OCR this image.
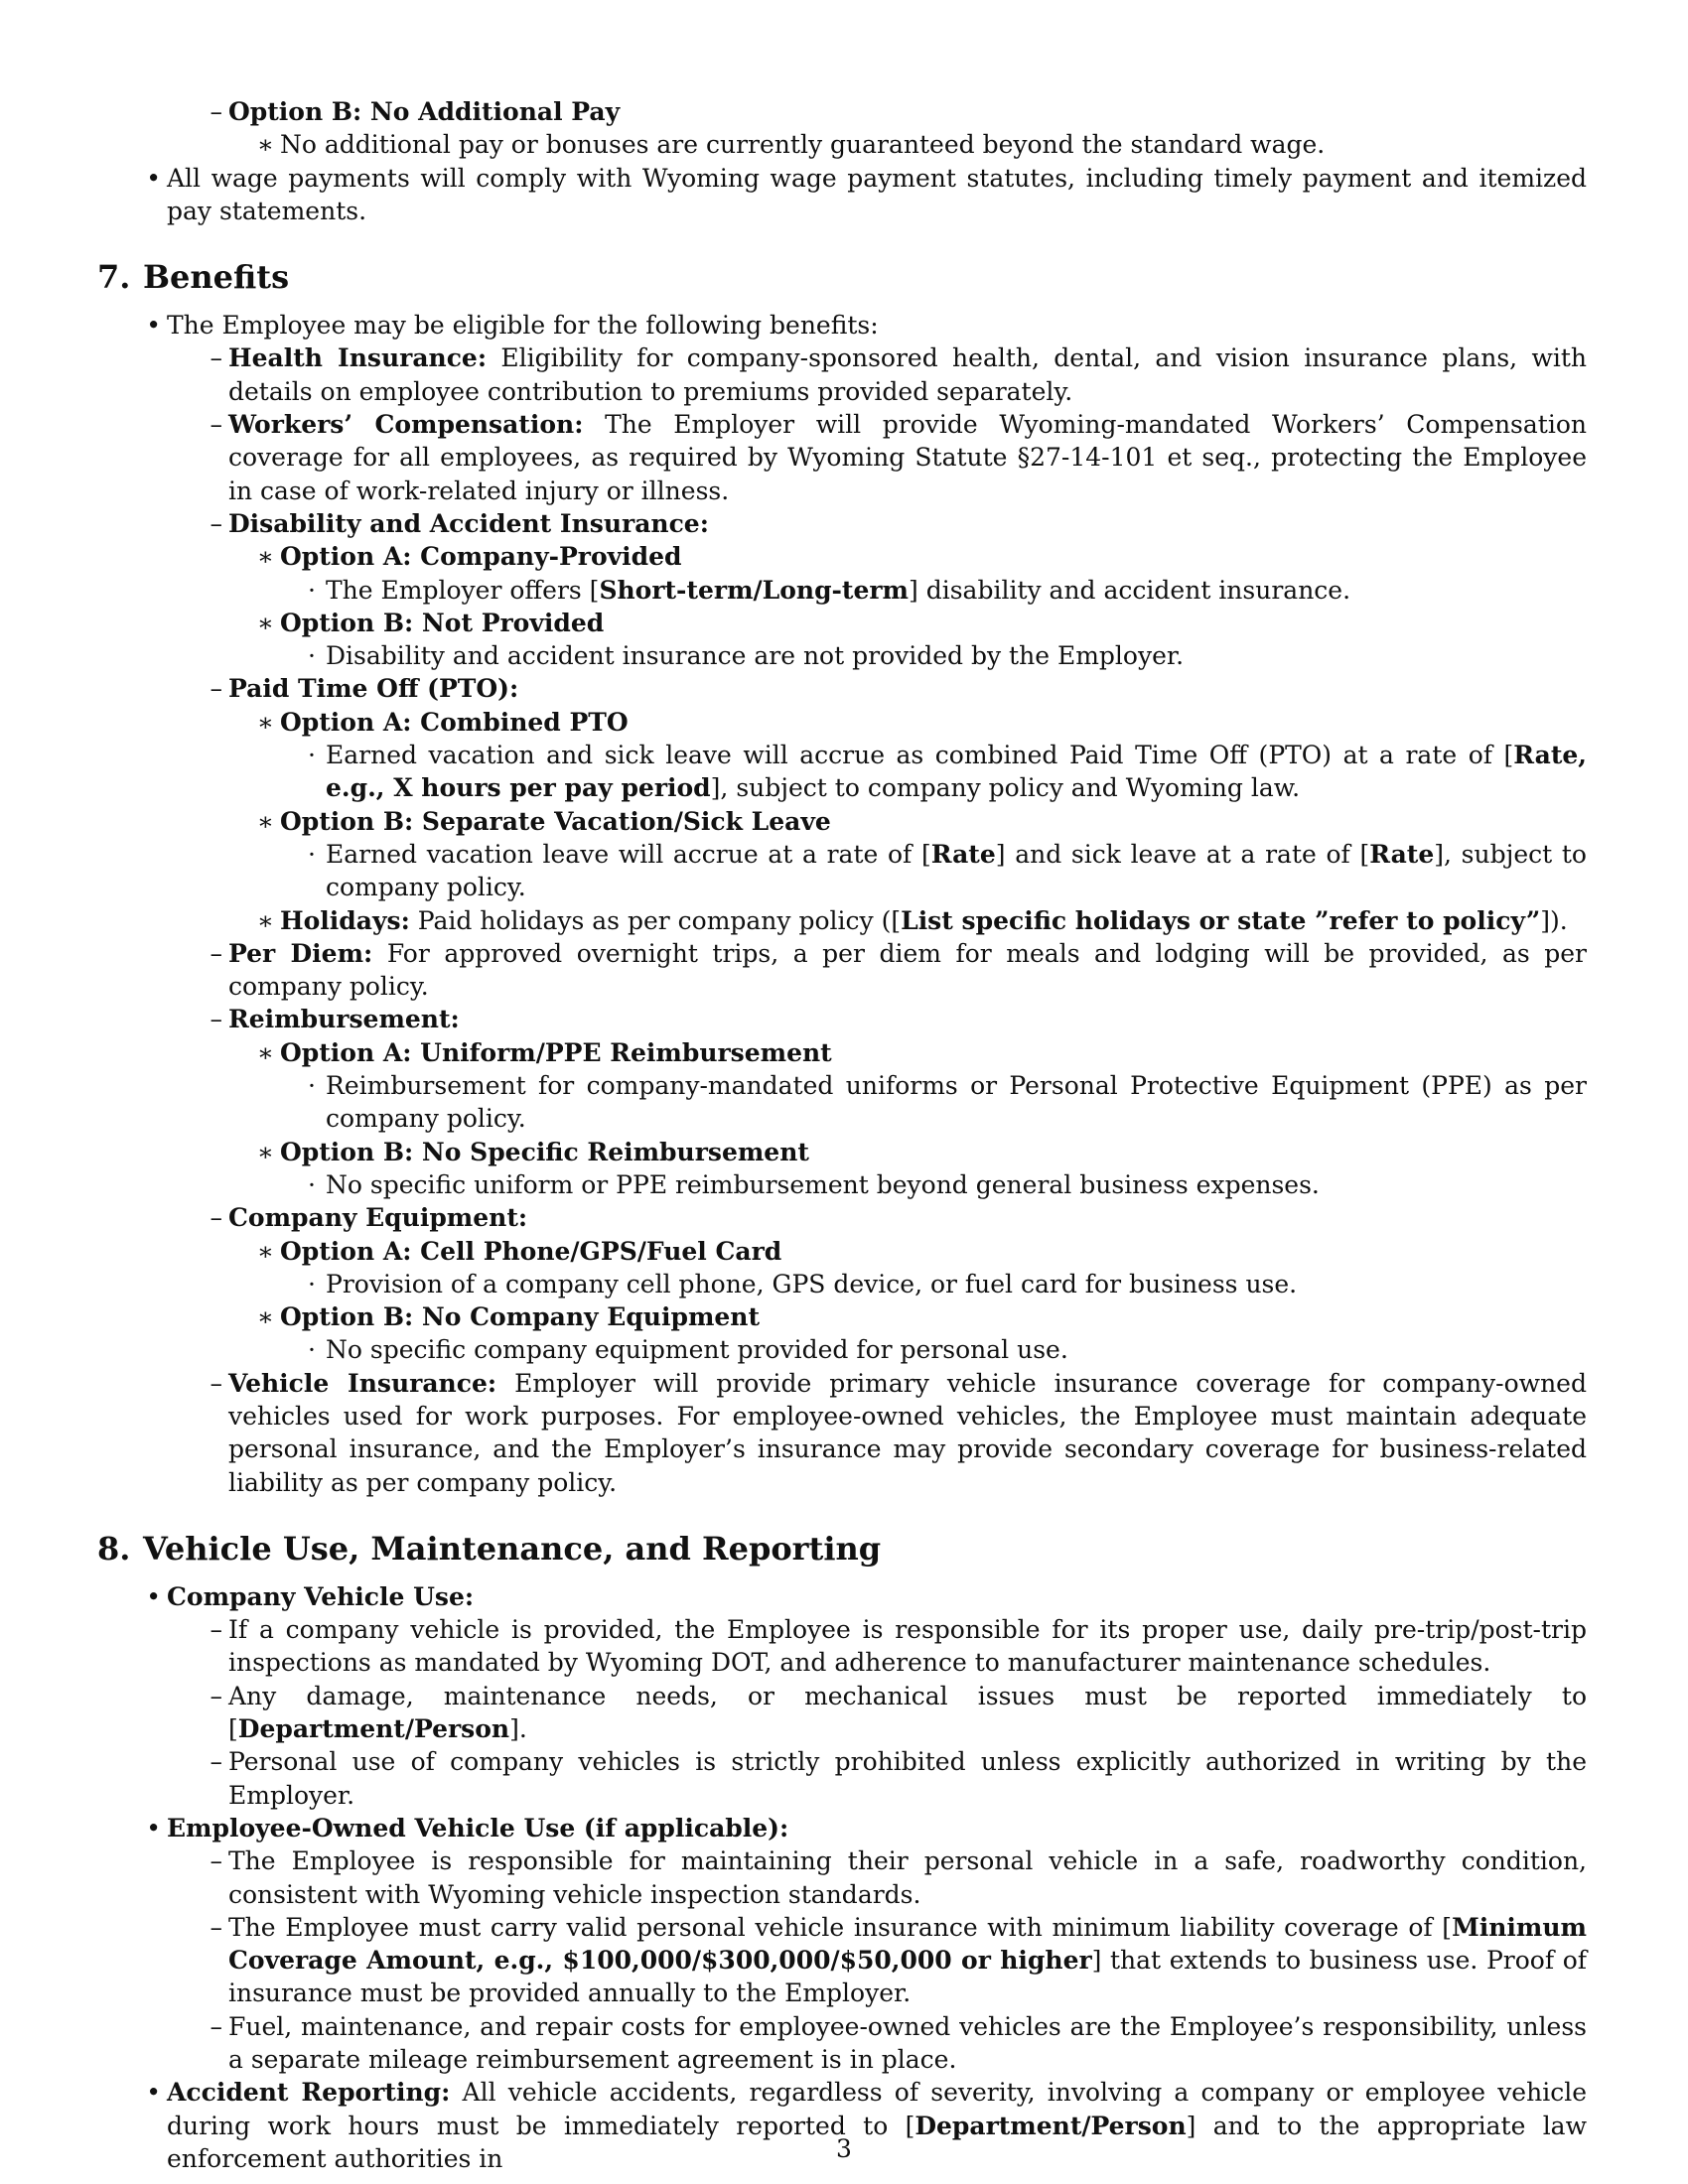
– Option B: No Additional Pay
∗ No additional pay or bonuses are currently guaranteed beyond the standard wage.
• All wage payments will comply with Wyoming wage payment statutes, including timely payment and itemized pay statements.
7. Benefits
• The Employee may be eligible for the following benefits:
– Health Insurance: Eligibility for company-sponsored health, dental, and vision insurance plans, with details on employee contribution to premiums provided separately.
– Workers’ Compensation: The Employer will provide Wyoming-mandated Workers’ Compensation coverage for all employees, as required by Wyoming Statute §27-14-101 et seq., protecting the Employee in case of work-related injury or illness.
– Disability and Accident Insurance:
∗ Option A: Company-Provided
· The Employer offers [Short-term/Long-term] disability and accident insurance.
∗ Option B: Not Provided
· Disability and accident insurance are not provided by the Employer.
– Paid Time Off (PTO):
∗ Option A: Combined PTO
· Earned vacation and sick leave will accrue as combined Paid Time Off (PTO) at a rate of [Rate, e.g., X hours per pay period], subject to company policy and Wyoming law.
∗ Option B: Separate Vacation/Sick Leave
· Earned vacation leave will accrue at a rate of [Rate] and sick leave at a rate of [Rate], subject to company policy.
∗ Holidays: Paid holidays as per company policy ([List specific holidays or state ”refer to policy”]).
– Per Diem: For approved overnight trips, a per diem for meals and lodging will be provided, as per company policy.
– Reimbursement:
∗ Option A: Uniform/PPE Reimbursement
· Reimbursement for company-mandated uniforms or Personal Protective Equipment (PPE) as per company policy.
∗ Option B: No Specific Reimbursement
· No specific uniform or PPE reimbursement beyond general business expenses.
– Company Equipment:
∗ Option A: Cell Phone/GPS/Fuel Card
· Provision of a company cell phone, GPS device, or fuel card for business use.
∗ Option B: No Company Equipment
· No specific company equipment provided for personal use.
– Vehicle Insurance: Employer will provide primary vehicle insurance coverage for company-owned vehicles used for work purposes. For employee-owned vehicles, the Employee must maintain adequate personal insurance, and the Employer’s insurance may provide secondary coverage for business-related liability as per company policy.
8. Vehicle Use, Maintenance, and Reporting
• Company Vehicle Use:
– If a company vehicle is provided, the Employee is responsible for its proper use, daily pre-trip/post-trip inspections as mandated by Wyoming DOT, and adherence to manufacturer maintenance schedules.
– Any damage, maintenance needs, or mechanical issues must be reported immediately to [Department/Person].
– Personal use of company vehicles is strictly prohibited unless explicitly authorized in writing by the Employer.
• Employee-Owned Vehicle Use (if applicable):
– The Employee is responsible for maintaining their personal vehicle in a safe, roadworthy condition, consistent with Wyoming vehicle inspection standards.
– The Employee must carry valid personal vehicle insurance with minimum liability coverage of [Minimum Coverage Amount, e.g., $100,000/$300,000/$50,000 or higher] that extends to business use. Proof of insurance must be provided annually to the Employer.
– Fuel, maintenance, and repair costs for employee-owned vehicles are the Employee’s responsibility, unless a separate mileage reimbursement agreement is in place.
• Accident Reporting: All vehicle accidents, regardless of severity, involving a company or employee vehicle during work hours must be immediately reported to [Department/Person] and to the appropriate law enforcement authorities in	3
